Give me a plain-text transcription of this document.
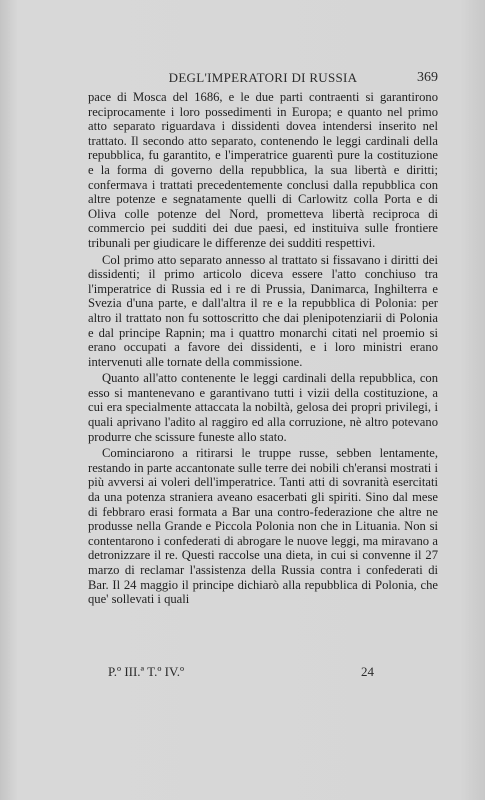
DEGL'IMPERATORI DI RUSSIA	369

pace di Mosca del 1686, e le due parti contraenti si garantirono reciprocamente i loro possedimenti in Europa; e quanto nel primo atto separato riguardava i dissidenti dovea intendersi inserito nel trattato. Il secondo atto separato, contenendo le leggi cardinali della repubblica, fu garantito, e l'imperatrice guarentì pure la costituzione e la forma di governo della repubblica, la sua libertà e diritti; confermava i trattati precedentemente conclusi dalla repubblica con altre potenze e segnatamente quelli di Carlowitz colla Porta e di Oliva colle potenze del Nord, prometteva libertà reciproca di commercio pei sudditi dei due paesi, ed instituiva sulle frontiere tribunali per giudicare le differenze dei sudditi respettivi.

Col primo atto separato annesso al trattato si fissavano i diritti dei dissidenti; il primo articolo diceva essere l'atto conchiuso tra l'imperatrice di Russia ed i re di Prussia, Danimarca, Inghilterra e Svezia d'una parte, e dall'altra il re e la repubblica di Polonia: per altro il trattato non fu sottoscritto che dai plenipotenziarii di Polonia e dal principe Rapnin; ma i quattro monarchi citati nel proemio si erano occupati a favore dei dissidenti, e i loro ministri erano intervenuti alle tornate della commissione.

Quanto all'atto contenente le leggi cardinali della repubblica, con esso si mantenevano e garantivano tutti i vizii della costituzione, a cui era specialmente attaccata la nobiltà, gelosa dei propri privilegi, i quali aprivano l'adito al raggiro ed alla corruzione, nè altro potevano produrre che scissure funeste allo stato.

Cominciarono a ritirarsi le truppe russe, sebben lentamente, restando in parte accantonate sulle terre dei nobili ch'eransi mostrati i più avversi ai voleri dell'imperatrice. Tanti atti di sovranità esercitati da una potenza straniera aveano esacerbati gli spiriti. Sino dal mese di febbraro erasi formata a Bar una contro-federazione che altre ne produsse nella Grande e Piccola Polonia non che in Lituania. Non si contentarono i confederati di abrogare le nuove leggi, ma miravano a detronizzare il re. Questi raccolse una dieta, in cui si convenne il 27 marzo di reclamar l'assistenza della Russia contra i confederati di Bar. Il 24 maggio il principe dichiarò alla repubblica di Polonia, che que' sollevati i quali

P.º III.ª T.º IV.º	24
